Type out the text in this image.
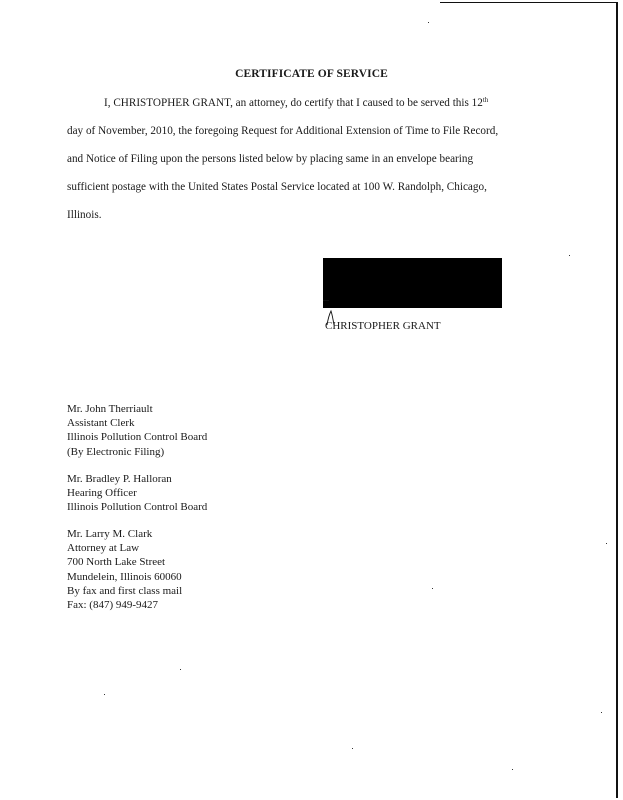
CERTIFICATE OF SERVICE
I, CHRISTOPHER GRANT, an attorney, do certify that I caused to be served this 12th
day of November, 2010, the foregoing Request for Additional Extension of Time to File Record,
and Notice of Filing upon the persons listed below by placing same in an envelope bearing
sufficient postage with the United States Postal Service located at 100 W. Randolph, Chicago,
Illinois.
CHRISTOPHER GRANT
Mr. John Therriault
Assistant Clerk
Illinois Pollution Control Board
(By Electronic Filing)
Mr. Bradley P. Halloran
Hearing Officer
Illinois Pollution Control Board
Mr. Larry M. Clark
Attorney at Law
700 North Lake Street
Mundelein, Illinois 60060
By fax and first class mail
Fax: (847) 949-9427
